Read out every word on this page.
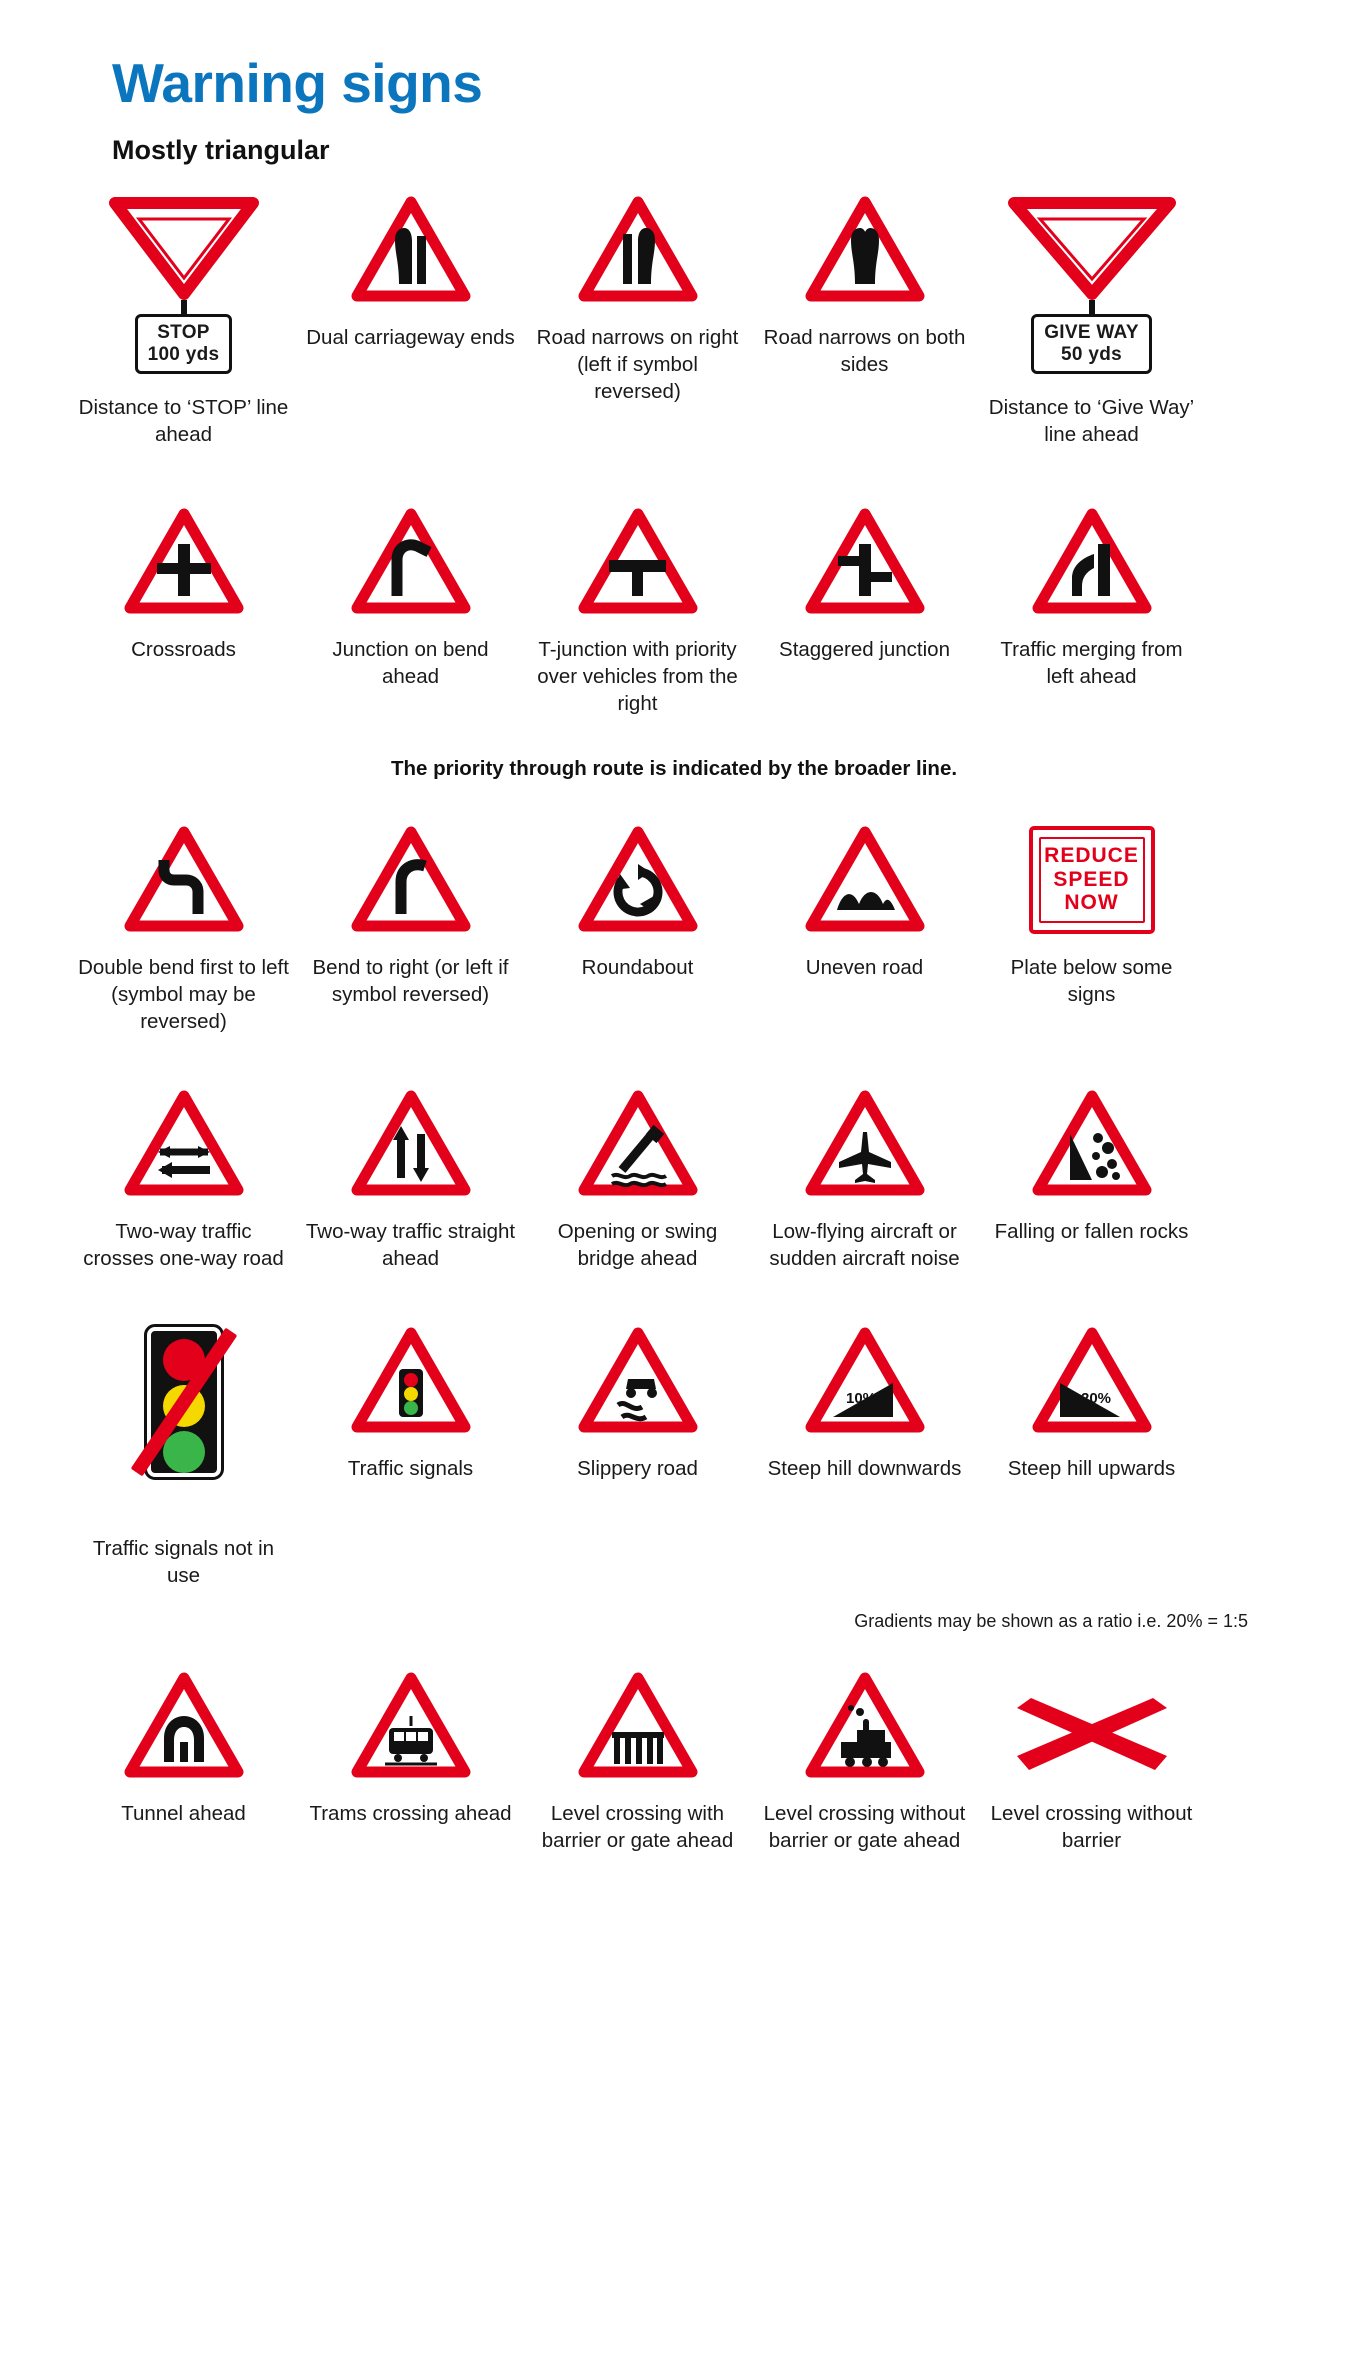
Warning signs
Mostly triangular
STOP
100 yds
Distance to ‘STOP’ line ahead
Dual carriageway ends	Road narrows on right (left if symbol reversed)
Road narrows on both sides
GIVE WAY
50 yds
Distance to ‘Give Way’ line ahead
Crossroads	Junction on bend ahead
T-junction with priority over vehicles from the right
Staggered junction	Traffic merging from left ahead
The priority through route is indicated by the broader line.
Double bend first to left (symbol may be reversed)
Bend to right (or left if symbol reversed)
Roundabout	Uneven road
REDUCE
SPEED
NOW
Plate below some signs
Two-way traffic crosses one-way road
Two-way traffic straight ahead
Opening or swing bridge ahead
Low-flying aircraft or sudden aircraft noise
Falling or fallen rocks
Traffic signals not in use
Traffic signals	Slippery road
10%
Steep hill downwards
20%
Steep hill upwards
Gradients may be shown as a ratio i.e. 20% = 1:5
Tunnel ahead	Trams crossing ahead	Level crossing with barrier or gate ahead
Level crossing without barrier or gate ahead
Level crossing without barrier
